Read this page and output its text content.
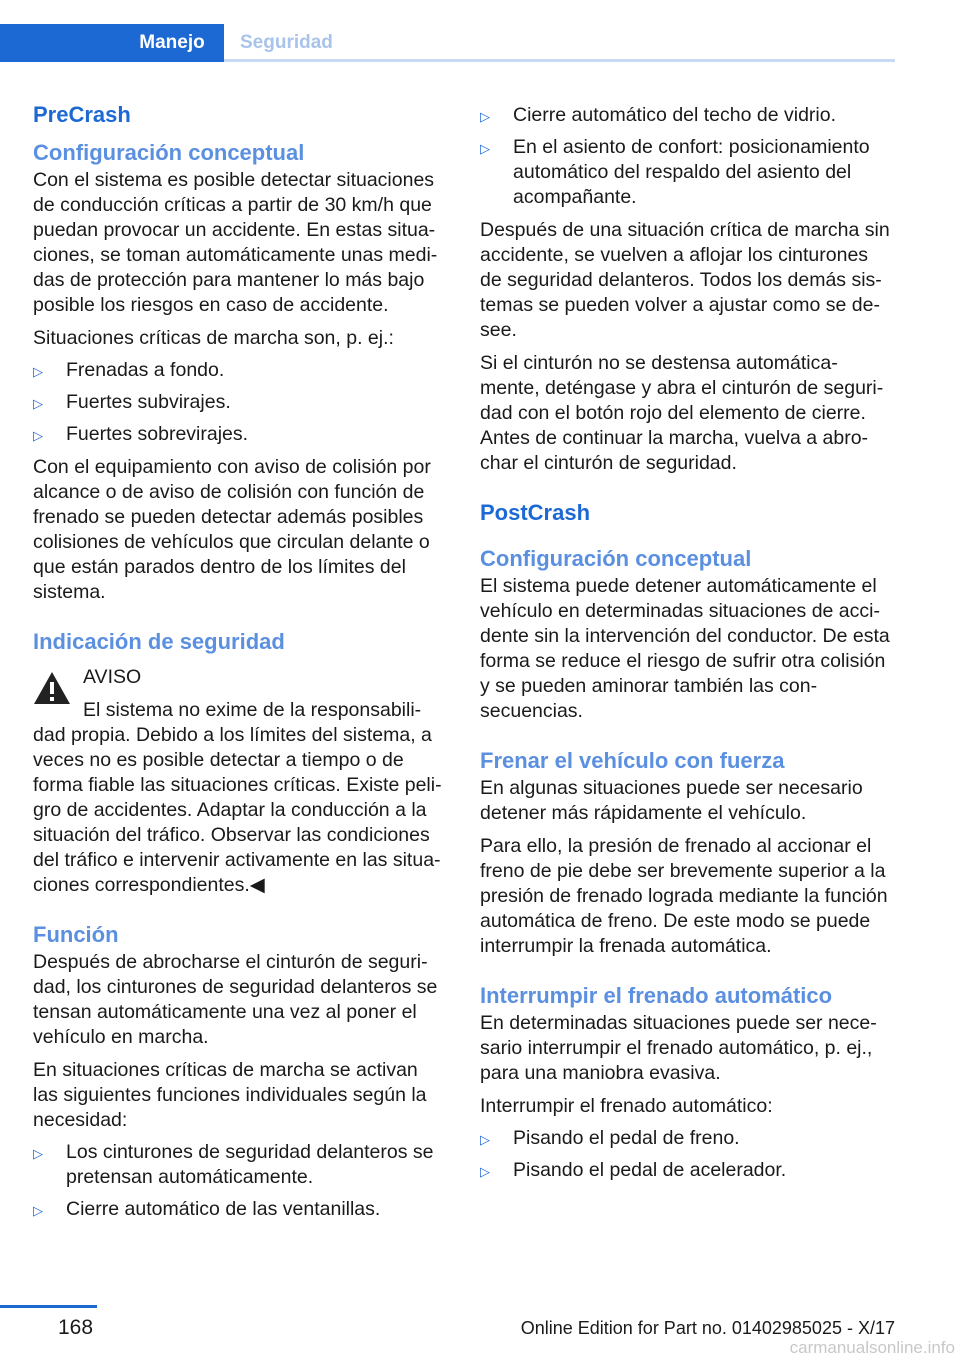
Manejo	Seguridad
PreCrash
Configuración conceptual
Con el sistema es posible detectar situaciones de conducción críticas a partir de 30 km/h que puedan provocar un accidente. En estas situa‐ ciones, se toman automáticamente unas medi‐ das de protección para mantener lo más bajo posible los riesgos en caso de accidente.
Situaciones críticas de marcha son, p. ej.:
▷ Frenadas a fondo.
▷ Fuertes subvirajes.
▷ Fuertes sobrevirajes.
Con el equipamiento con aviso de colisión por alcance o de aviso de colisión con función de frenado se pueden detectar además posibles colisiones de vehículos que circulan delante o que están parados dentro de los límites del sistema.
Indicación de seguridad
AVISO
El sistema no exime de la responsabili‐
dad propia. Debido a los límites del sistema, a veces no es posible detectar a tiempo o de forma fiable las situaciones críticas. Existe peli‐ gro de accidentes. Adaptar la conducción a la situación del tráfico. Observar las condiciones del tráfico e intervenir activamente en las situa‐ ciones correspondientes.◀
Función
Después de abrocharse el cinturón de seguri‐ dad, los cinturones de seguridad delanteros se tensan automáticamente una vez al poner el vehículo en marcha.
En situaciones críticas de marcha se activan las siguientes funciones individuales según la necesidad:
▷ Los cinturones de seguridad delanteros se pretensan automáticamente.
▷ Cierre automático de las ventanillas.
▷ Cierre automático del techo de vidrio.
▷ En el asiento de confort: posicionamiento automático del respaldo del asiento del acompañante.
Después de una situación crítica de marcha sin accidente, se vuelven a aflojar los cinturones de seguridad delanteros. Todos los demás sis‐ temas se pueden volver a ajustar como se de‐ see.
Si el cinturón no se destensa automática‐ mente, deténgase y abra el cinturón de seguri‐ dad con el botón rojo del elemento de cierre. Antes de continuar la marcha, vuelva a abro‐ char el cinturón de seguridad.
PostCrash
Configuración conceptual
El sistema puede detener automáticamente el vehículo en determinadas situaciones de acci‐ dente sin la intervención del conductor. De esta forma se reduce el riesgo de sufrir otra colisión y se pueden aminorar también las con‐ secuencias.
Frenar el vehículo con fuerza
En algunas situaciones puede ser necesario detener más rápidamente el vehículo.
Para ello, la presión de frenado al accionar el freno de pie debe ser brevemente superior a la presión de frenado lograda mediante la función automática de freno. De este modo se puede interrumpir la frenada automática.
Interrumpir el frenado automático
En determinadas situaciones puede ser nece‐ sario interrumpir el frenado automático, p. ej., para una maniobra evasiva.
Interrumpir el frenado automático:
▷ Pisando el pedal de freno.
▷ Pisando el pedal de acelerador.
168	Online Edition for Part no. 01402985025 - X/17
carmanualsonline.info
